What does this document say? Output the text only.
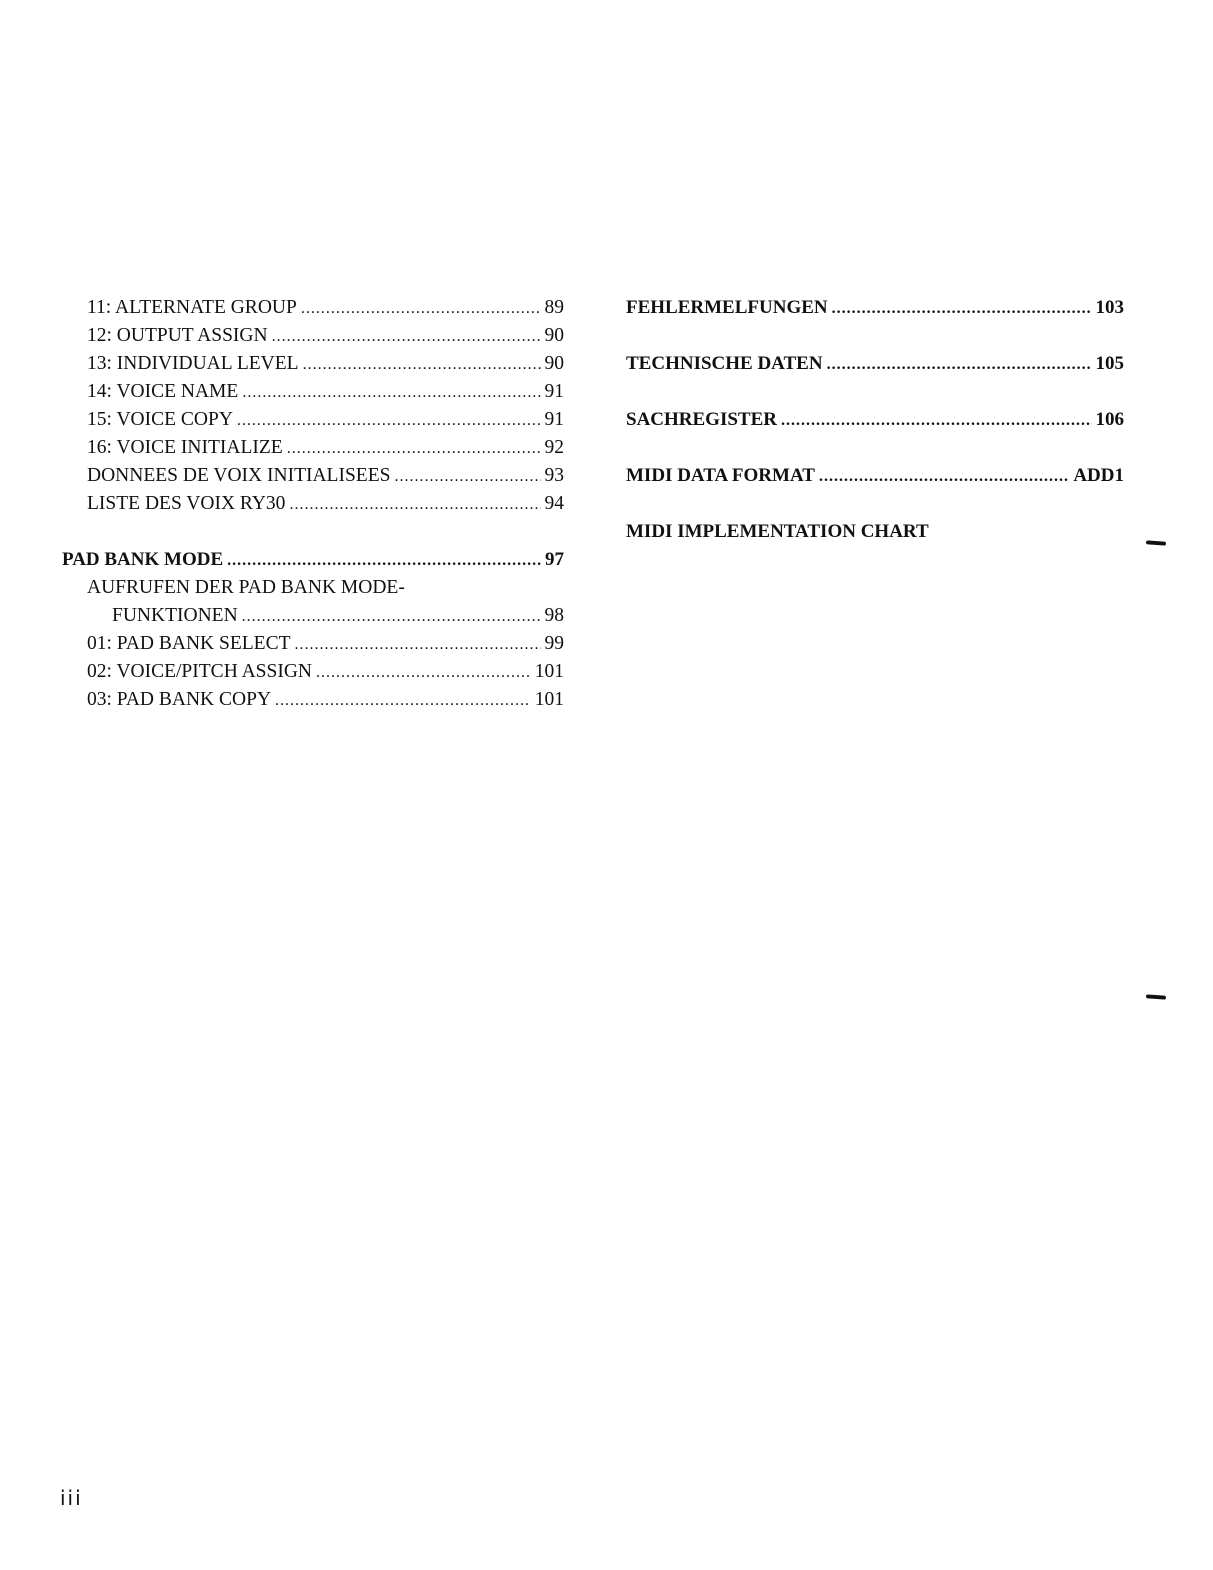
11: ALTERNATE GROUP .....	89
12: OUTPUT ASSIGN .....	90
13: INDIVIDUAL LEVEL .....	90
14: VOICE NAME .....	91
15: VOICE COPY .....	91
16: VOICE INITIALIZE .....	92
DONNEES DE VOIX INITIALISEES .....	93
LISTE DES VOIX RY30 .....	94
PAD BANK MODE .....	97
AUFRUFEN DER PAD BANK MODE-
FUNKTIONEN .....	98
01: PAD BANK SELECT .....	99
02: VOICE/PITCH ASSIGN .....	101
03: PAD BANK COPY .....	101
FEHLERMELFUNGEN .....	103
TECHNISCHE DATEN .....	105
SACHREGISTER .....	106
MIDI DATA FORMAT .....	ADD1
MIDI IMPLEMENTATION CHART
iii
